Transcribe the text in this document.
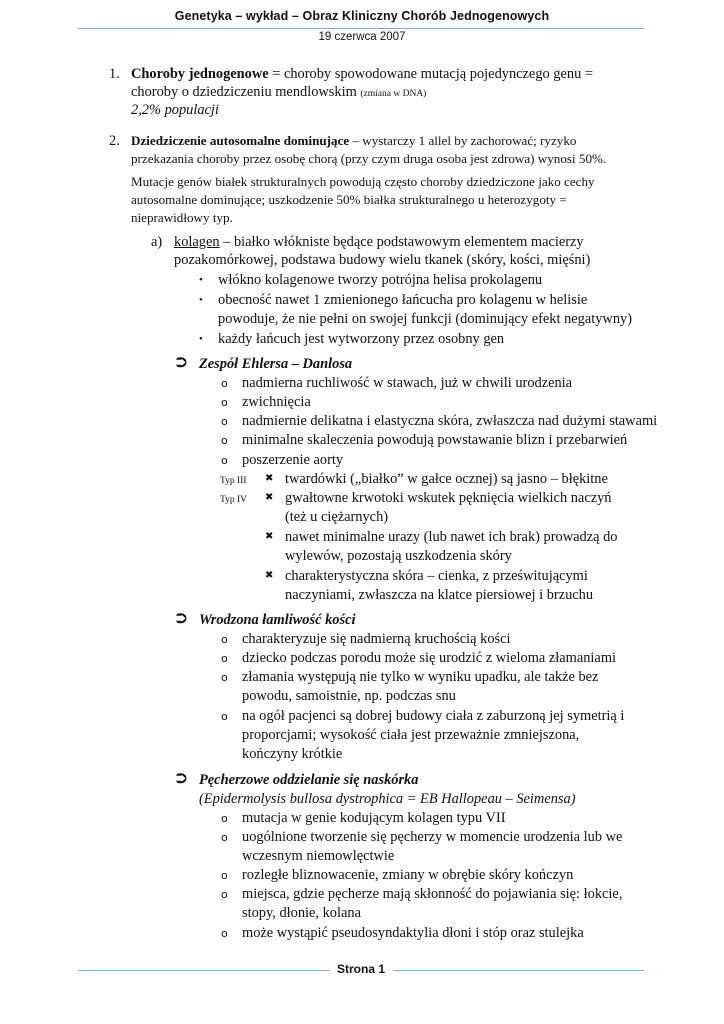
Genetyka – wykład – Obraz Kliniczny Chorób Jednogenowych
19 czerwca 2007
1. Choroby jednogenowe = choroby spowodowane mutacją pojedynczego genu =
choroby o dziedziczeniu mendlowskim (zmiana w DNA)
2,2% populacji
2. Dziedziczenie autosomalne dominujące – wystarczy 1 allel by zachorować; ryzyko
przekazania choroby przez osobę chorą (przy czym druga osoba jest zdrowa) wynosi 50%.
Mutacje genów białek strukturalnych powodują często choroby dziedziczone jako cechy
autosomalne dominujące; uszkodzenie 50% białka strukturalnego u heterozygoty =
nieprawidłowy typ.
a) kolagen – białko włókniste będące podstawowym elementem macierzy
pozakomórkowej, podstawa budowy wielu tkanek (skóry, kości, mięśni)
• włókno kolagenowe tworzy potrójna helisa prokolagenu
• obecność nawet 1 zmienionego łańcucha pro kolagenu w helisie
powoduje, że nie pełni on swojej funkcji (dominujący efekt negatywny)
• każdy łańcuch jest wytworzony przez osobny gen
⮊ Zespół Ehlersa – Danlosa
o nadmierna ruchliwość w stawach, już w chwili urodzenia
o zwichnięcia
o nadmiernie delikatna i elastyczna skóra, zwłaszcza nad dużymi stawami
o minimalne skaleczenia powodują powstawanie blizn i przebarwień
o poszerzenie aorty
Typ III ✖ twardówki („białko” w gałce ocznej) są jasno – błękitne
Typ IV ✖ gwałtowne krwotoki wskutek pęknięcia wielkich naczyń
(też u ciężarnych)
✖ nawet minimalne urazy (lub nawet ich brak) prowadzą do
wylewów, pozostają uszkodzenia skóry
✖ charakterystyczna skóra – cienka, z prześwitującymi
naczyniami, zwłaszcza na klatce piersiowej i brzuchu
⮊ Wrodzona łamliwość kości
o charakteryzuje się nadmierną kruchością kości
o dziecko podczas porodu może się urodzić z wieloma złamaniami
o złamania występują nie tylko w wyniku upadku, ale także bez
powodu, samoistnie, np. podczas snu
o na ogół pacjenci są dobrej budowy ciała z zaburzoną jej symetrią i
proporcjami; wysokość ciała jest przeważnie zmniejszona,
kończyny krótkie
⮊ Pęcherzowe oddzielanie się naskórka
(Epidermolysis bullosa dystrophica = EB Hallopeau – Seimensa)
o mutacja w genie kodującym kolagen typu VII
o uogólnione tworzenie się pęcherzy w momencie urodzenia lub we
wczesnym niemowlęctwie
o rozległe bliznowacenie, zmiany w obrębie skóry kończyn
o miejsca, gdzie pęcherze mają skłonność do pojawiania się: łokcie,
stopy, dłonie, kolana
o może wystąpić pseudosyndaktylia dłoni i stóp oraz stulejka
Strona 1
